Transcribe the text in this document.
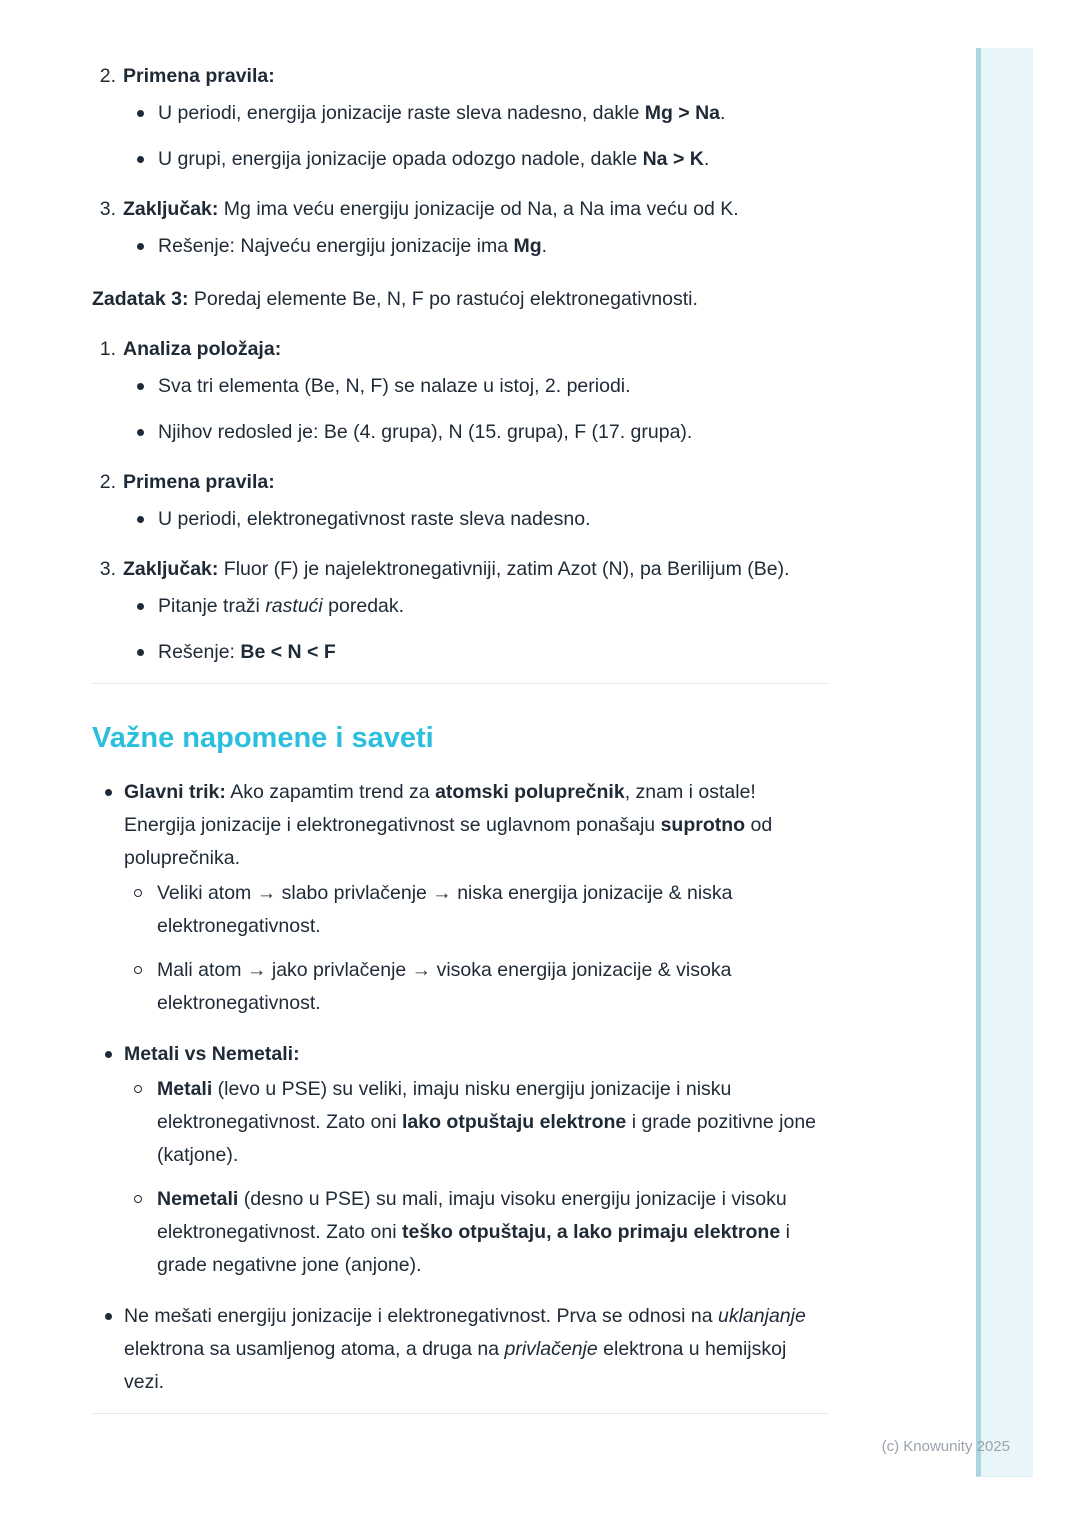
2. Primena pravila:
U periodi, energija jonizacije raste sleva nadesno, dakle Mg > Na.
U grupi, energija jonizacije opada odozgo nadole, dakle Na > K.
3. Zaključak: Mg ima veću energiju jonizacije od Na, a Na ima veću od K.
Rešenje: Najveću energiju jonizacije ima Mg.
Zadatak 3: Poredaj elemente Be, N, F po rastućoj elektronegativnosti.
1. Analiza položaja:
Sva tri elementa (Be, N, F) se nalaze u istoj, 2. periodi.
Njihov redosled je: Be (4. grupa), N (15. grupa), F (17. grupa).
2. Primena pravila:
U periodi, elektronegativnost raste sleva nadesno.
3. Zaključak: Fluor (F) je najelektronegativniji, zatim Azot (N), pa Berilijum (Be).
Pitanje traži rastući poredak.
Rešenje: Be < N < F
Važne napomene i saveti
Glavni trik: Ako zapamtim trend za atomski poluprečnik, znam i ostale! Energija jonizacije i elektronegativnost se uglavnom ponašaju suprotno od poluprečnika.
Veliki atom → slabo privlačenje → niska energija jonizacije & niska elektronegativnost.
Mali atom → jako privlačenje → visoka energija jonizacije & visoka elektronegativnost.
Metali vs Nemetali:
Metali (levo u PSE) su veliki, imaju nisku energiju jonizacije i nisku elektronegativnost. Zato oni lako otpuštaju elektrone i grade pozitivne jone (katjone).
Nemetali (desno u PSE) su mali, imaju visoku energiju jonizacije i visoku elektronegativnost. Zato oni teško otpuštaju, a lako primaju elektrone i grade negativne jone (anjone).
Ne mešati energiju jonizacije i elektronegativnost. Prva se odnosi na uklanjanje elektrona sa usamljenog atoma, a druga na privlačenje elektrona u hemijskoj vezi.
(c) Knowunity 2025
